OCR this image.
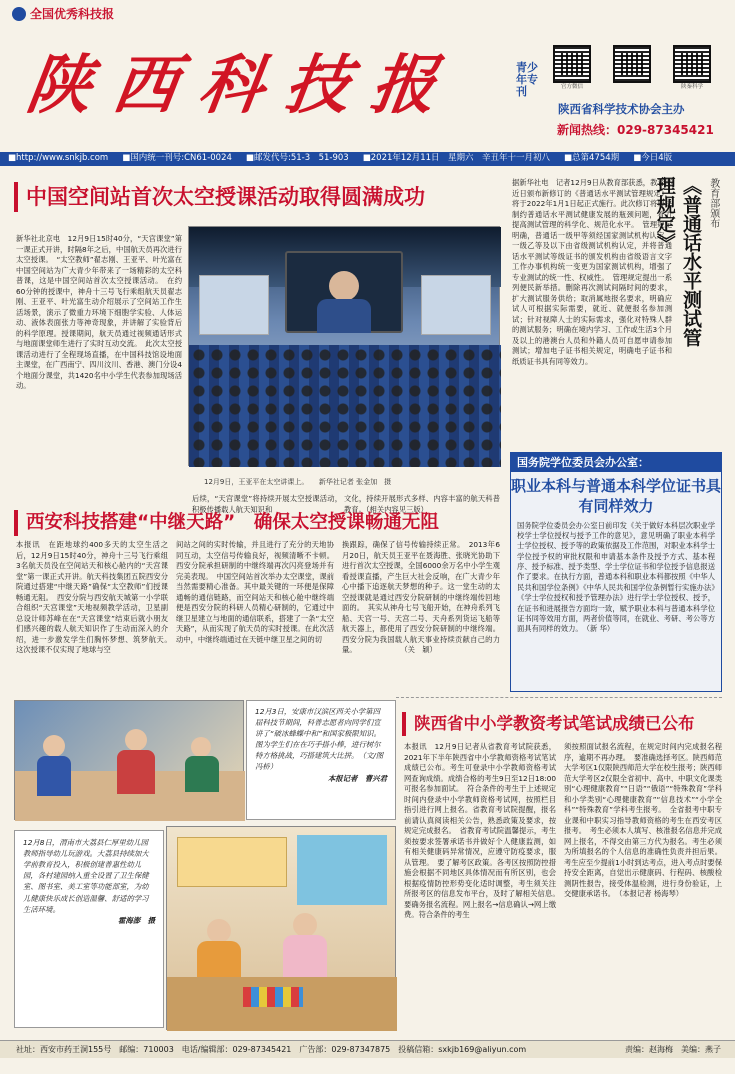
全国优秀科技报
陕西科技报	青少年专刊	官方微信	陕秦科学
陕西省科学技术协会主办
新闻热线：029-87345421
■http://www.snkjb.com ■国内统一刊号:CN61-0024 ■邮发代号:51-3　51-903 ■2021年12月11日　星期六　辛丑年十一月初八 ■总第4754期 ■今日4版
中国空间站首次太空授课活动取得圆满成功
新华社北京电　12月9日15时40分，“天宫课堂”第一课正式开讲，时隔8年之后，中国航天员再次进行太空授课。　“太空教师”翟志刚、王亚平、叶光富在中国空间站为广大青少年带来了一场精彩的太空科普课，这是中国空间站首次太空授课活动。　在约60分钟的授课中，神舟十三号飞行乘组航天员翟志刚、王亚平、叶光富生动介绍展示了空间站工作生活场景，演示了微重力环境下细胞学实验、人体运动、液体表面张力等神奇现象，并讲解了实验背后的科学原理。授课期间，航天员通过视频通话形式与地面课堂师生进行了实时互动交流。　此次太空授课活动进行了全程现场直播，在中国科技馆设地面主课堂，在广西南宁、四川汶川、香港、澳门分设4个地面分课堂，共1420名中小学生代表参加现场活动。
12月9日，王亚平在太空讲课上。　　新华社记者 张金加　摄
后续，“天宫课堂”将持续开展太空授课活动，积极传播载人航天知识和
文化，持续开展形式多样、内容丰富的航天科普教育。（相关内容见三版）
西安科技搭建“中继天路”　确保太空授课畅通无阻
本报讯　在距地球约400多天的太空生活之后，12月9日15时40分，神舟十三号飞行乘组3名航天员没在空间站天和核心舱内的“天宫课堂”第一课正式开讲。航天科技集团五院西安分院通过搭建“中继天路”确保“太空教师”们授课畅通无阻。　西安分院与西安航天城第一小学联合组织“天宫课堂”天地视频教学活动，卫星副总设计师苏峰在在“天宫课堂”结束后就小朋友们感兴趣的载人航天知识作了生动而深入的介绍，进一步激发学生们胸怀梦想、筑梦航天。　这次授课不仅实现了地球与空
间站之间的实时传输，并且进行了充分的天地协同互动，太空信号传输良好，视频清晰不卡顿。西安分院承担研制的中继终端再次闪亮登场并有完美表现。　中国空间站首次举办太空课堂，课前当然需要精心准备。其中最关键的一环便是保障通畅的通信链路，而空间站天和核心舱中继终端便是西安分院的科研人员精心研制的，它通过中继卫星建立与地面的通信联系，搭建了一条“太空天路”，从而实现了航天员的实时授课。在此次活动中，中继终端通过在天链中继卫星之间的切
换跟踪，确保了信号传输持续正常。　2013年6月20日，航天员王亚平在聂海胜、张晓光协助下进行首次太空授课，全国6000余万名中小学生观看授课直播，产生巨大社会反响，在广大青少年心中播下追逐航天梦想的种子。这一堂生动的太空授课就是通过西安分院研制的中继终端传回地面的。　其实从神舟七号飞船开始，在神舟系列飞船、天宫一号、天宫二号、天舟系列货运飞船等航天器上，都使用了西安分院研制的中继终端。西安分院为我国载人航天事业持续贡献自己的力量。　　　　　　　（关　颖）
教育部颁布
《普通话水平测试管理规定》
据新华社电　记者12月9日从教育部获悉，教育部近日颁布新修订的《普通话水平测试管理规定》，将于2022年1月1日起正式施行。此次修订将解决制约普通话水平测试健康发展的瓶颈问题，着力提高测试管理的科学化、规范化水平。　管理规定明确，普通话一级甲等须经国家测试机构认定，一级乙等及以下由省级测试机构认定，并将普通话水平测试等级证书的颁发机构由省级语言文字工作办事机构统一变更为国家测试机构，增强了专业测试的统一性、权威性。　管理规定提出一系列便民新举措。删除再次测试间隔时间的要求，扩大测试服务供给；取消属地报名要求，明确应试人可根据实际需要，就近、就便报名参加测试；针对视障人士的实际需求，强化对特殊人群的测试服务；明确在境内学习、工作或生活3个月及以上的港澳台人员和外籍人员可自愿申请参加测试；增加电子证书相关规定，明确电子证书和纸质证书具有同等效力。
国务院学位委员会办公室：
职业本科与普通本科学位证书具有同样效力
国务院学位委员会办公室日前印发《关于做好本科层次职业学校学士学位授权与授予工作的意见》，意见明确了职业本科学士学位授权、授予等的政策依据及工作范围，对职业本科学士学位授予权的审批权限和申请基本条件及授予方式、基本程序、授予标准、授予类型、学士学位证书和学位授予信息报送作了要求。在执行方面，普通本科和职业本科都按照《中华人民共和国学位条例》《中华人民共和国学位条例暂行实施办法》《学士学位授权和授予管理办法》进行学士学位授权、授予，在证书和进展报告方面均一致，赋予职业本科与普通本科学位证书同等效用方面，两者价值等同，在就业、考研、考公等方面具有同样的效力。　（新 华）
12月3日，安康市汉滨区西关小学第四届科技节期间，科普志愿者向同学们宣讲了“破冰蜂蝶中和”和国家极限知识。图为学生们在在巧手搭小棒，进行树尔特方格挑战，巧搭建筑大比拼。　（文/图　冯桥）
本报记者　曹兴君
12月8日，渭南市大荔县仁厚里幼儿园教师指导幼儿玩游戏。大荔县持续加大学前教育投入，积极创建普惠性幼儿园，各村建园纳入重全设置了卫生保健室、图书室、美工室等功能部室，为幼儿健康快乐成长创造温馨、舒适的学习生活环境。
霍海澎　摄
陕西省中小学教资考试笔试成绩已公布
本报讯　12月9日记者从省教育考试院获悉，2021年下半年陕西省中小学教师资格考试笔试成绩已公布。考生可登录中小学教师资格考试网查询成绩。成绩合格的考生9日至12日18:00可报名参加面试。　符合条件的考生于上述规定时间内登录中小学教师资格考试网，按照栏目指引进行网上报名。省教育考试院提醒，报名前请认真阅读相关公告，熟悉政策及要求，按规定完成报名。　省教育考试院温馨提示，考生须按要求签署承诺书并做好个人健康监测，如有相关健康码异常情况，应遵守防疫要求，服从管理。　要了解考区政策。各考区按照防控措施会根据不同地区具体情况而有所区别，也会根据疫情防控形势变化适时调整，考生须关注所报考区的信息发布平台，及时了解相关信息。　要确务报名流程。网上报名→信息确认→网上缴费。符合条件的考生
须按照面试报名流程，在规定时间内完成报名程序，逾期不再办理。　要准确选择考区。陕西师范大学考区1仅限陕西师范大学在校生报考；陕西师范大学考区2仅限全省初中、高中、中职文化课类别“心理健康教育”“日语”“俄语”“特殊教育”学科和小学类别“心理健康教育”“信息技术”“小学全科”“特殊教育”学科考生报考。　全省报考中职专业课和中职实习指导教师资格的考生在西安考区报考。　考生必须本人填写、核准报名信息并完成网上报名，不得交由第三方代为报名。考生必须为所填报名的个人信息的准确性负责并担后果。考生应至少提前1小时到达考点，进入考点时要保持安全距离，自觉出示健康码、行程码、核酸检测阴性报告，接受体温检测，进行身份验证，上交健康承诺书。　（本报记者 杨海琴）
社址：西安市药王洞155号　邮编：710003　电话/编辑部：029-87345421　广告部：029-87347875　投稿信箱：sxkjb169@aliyun.com	责编：赵海梅　美编：燕子
